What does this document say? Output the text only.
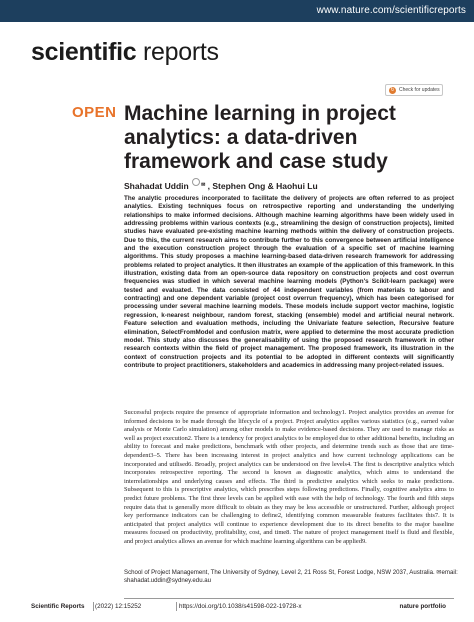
www.nature.com/scientificreports
scientific reports
↻ Check for updates
OPEN Machine learning in project analytics: a data-driven framework and case study
Shahadat Uddin ✉ , Stephen Ong & Haohui Lu

The analytic procedures incorporated to facilitate the delivery of projects are often referred to as project analytics. Existing techniques focus on retrospective reporting and understanding the underlying relationships to make informed decisions. Although machine learning algorithms have been widely used in addressing problems within various contexts (e.g., streamlining the design of construction projects), limited studies have evaluated pre-existing machine learning methods within the delivery of construction projects. Due to this, the current research aims to contribute further to this convergence between artificial intelligence and the execution construction project through the evaluation of a specific set of machine learning algorithms. This study proposes a machine learning-based data-driven research framework for addressing problems related to project analytics. It then illustrates an example of the application of this framework. In this illustration, existing data from an open-source data repository on construction projects and cost overrun frequencies was studied in which several machine learning models (Python's Scikit-learn package) were tested and evaluated. The data consisted of 44 independent variables (from materials to labour and contracting) and one dependent variable (project cost overrun frequency), which has been categorised for processing under several machine learning models. These models include support vector machine, logistic regression, k-nearest neighbour, random forest, stacking (ensemble) model and artificial neural network. Feature selection and evaluation methods, including the Univariate feature selection, Recursive feature elimination, SelectFromModel and confusion matrix, were applied to determine the most accurate prediction model. This study also discusses the generalisability of using the proposed research framework in other research contexts within the field of project management. The proposed framework, its illustration in the context of construction projects and its potential to be adopted in different contexts will significantly contribute to project practitioners, stakeholders and academics in addressing many project-related issues.

Successful projects require the presence of appropriate information and technology1. Project analytics provides an avenue for informed decisions to be made through the lifecycle of a project. Project analytics applies various statistics (e.g., earned value analysis or Monte Carlo simulation) among other models to make evidence-based decisions. They are used to manage risks as well as project execution2. There is a tendency for project analytics to be employed due to other additional benefits, including an ability to forecast and make predictions, benchmark with other projects, and determine trends such as those that are time-dependent3–5. There has been increasing interest in project analytics and how current technology applications can be incorporated and utilised6. Broadly, project analytics can be understood on five levels4. The first is descriptive analytics which incorporates retrospective reporting. The second is known as diagnostic analytics, which aims to understand the interrelationships and underlying causes and effects. The third is predictive analytics which seeks to make predictions. Subsequent to this is prescriptive analytics, which prescribes steps following predictions. Finally, cognitive analytics aims to predict future problems. The first three levels can be applied with ease with the help of technology. The fourth and fifth steps require data that is generally more difficult to obtain as they may be less accessible or unstructured. Further, although project key performance indicators can be challenging to define2, identifying common measurable features facilitates this7. It is anticipated that project analytics will continue to experience development due to its direct benefits to the major baseline measures focused on productivity, profitability, cost, and time8. The nature of project management itself is fluid and flexible, and project analytics allows an avenue for which machine learning algorithms can be applied9.

School of Project Management, The University of Sydney, Level 2, 21 Ross St, Forest Lodge, NSW 2037, Australia. ✉email: shahadat.uddin@sydney.edu.au
Scientific Reports (2022) 12:15252	https://doi.org/10.1038/s41598-022-19728-x	nature portfolio
